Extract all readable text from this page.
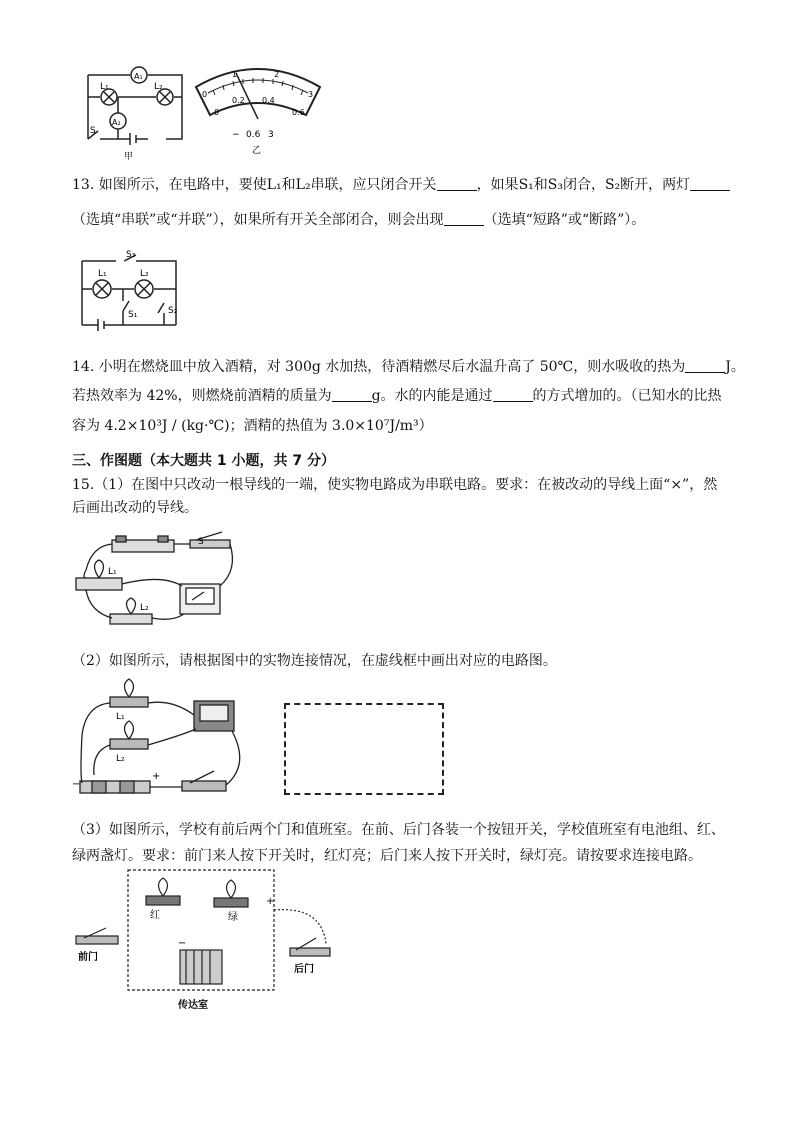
A₁
A₂
L₁	L₂
S
甲
0
1	2
3
0
0.2 0.4
0.6
− 0.6 3
乙
13. 如图所示，在电路中，要使L₁和L₂串联，应只闭合开关	，如果S₁和S₃闭合，S₂断开，两灯
（选填“串联”或“并联”），如果所有开关全部闭合，则会出现	（选填“短路”或“断路”）。
S₃
L₁	L₂
S₁	S₂
14. 小明在燃烧皿中放入酒精，对 300g 水加热，待酒精燃尽后水温升高了 50℃，则水吸收的热为	J。
若热效率为 42%，则燃烧前酒精的质量为	g。水的内能是通过	的方式增加的。（已知水的比热
容为 4.2×10³J / (kg·℃)；酒精的热值为 3.0×10⁷J/m³）
三、作图题（本大题共 1 小题，共 7 分）
15.（1）在图中只改动一根导线的一端，使实物电路成为串联电路。要求：在被改动的导线上面“×”，然
后画出改动的导线。
S
L₁
L₂
（2）如图所示，请根据图中的实物连接情况，在虚线框中画出对应的电路图。
L₁
L₂
−
+
（3）如图所示，学校有前后两个门和值班室。在前、后门各装一个按钮开关，学校值班室有电池组、红、
绿两盏灯。要求：前门来人按下开关时，红灯亮；后门来人按下开关时，绿灯亮。请按要求连接电路。
红	绿
−
+
前门
后门
传达室
